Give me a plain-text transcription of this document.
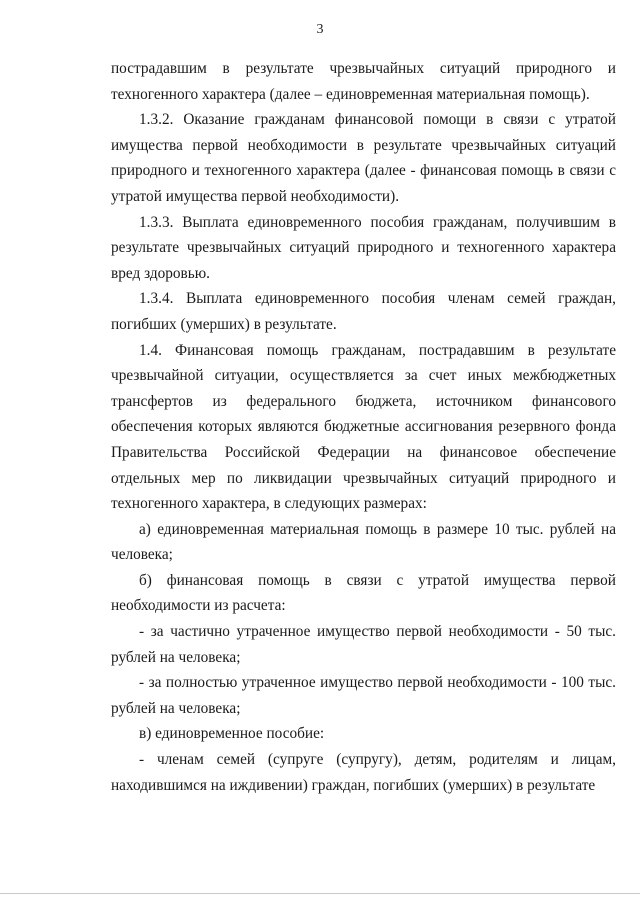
3

пострадавшим в результате чрезвычайных ситуаций природного и техногенного характера (далее – единовременная материальная помощь).

1.3.2. Оказание гражданам финансовой помощи в связи с утратой имущества первой необходимости в результате чрезвычайных ситуаций природного и техногенного характера (далее - финансовая помощь в связи с утратой имущества первой необходимости).

1.3.3. Выплата единовременного пособия гражданам, получившим в результате чрезвычайных ситуаций природного и техногенного характера вред здоровью.

1.3.4. Выплата единовременного пособия членам семей граждан, погибших (умерших) в результате.

1.4. Финансовая помощь гражданам, пострадавшим в результате чрезвычайной ситуации, осуществляется за счет иных межбюджетных трансфертов из федерального бюджета, источником финансового обеспечения которых являются бюджетные ассигнования резервного фонда Правительства Российской Федерации на финансовое обеспечение отдельных мер по ликвидации чрезвычайных ситуаций природного и техногенного характера, в следующих размерах:

а) единовременная материальная помощь в размере 10 тыс. рублей на человека;

б) финансовая помощь в связи с утратой имущества первой необходимости из расчета:

- за частично утраченное имущество первой необходимости - 50 тыс. рублей на человека;

- за полностью утраченное имущество первой необходимости - 100 тыс. рублей на человека;

в) единовременное пособие:

- членам семей (супруге (супругу), детям, родителям и лицам, находившимся на иждивении) граждан, погибших (умерших) в результате
